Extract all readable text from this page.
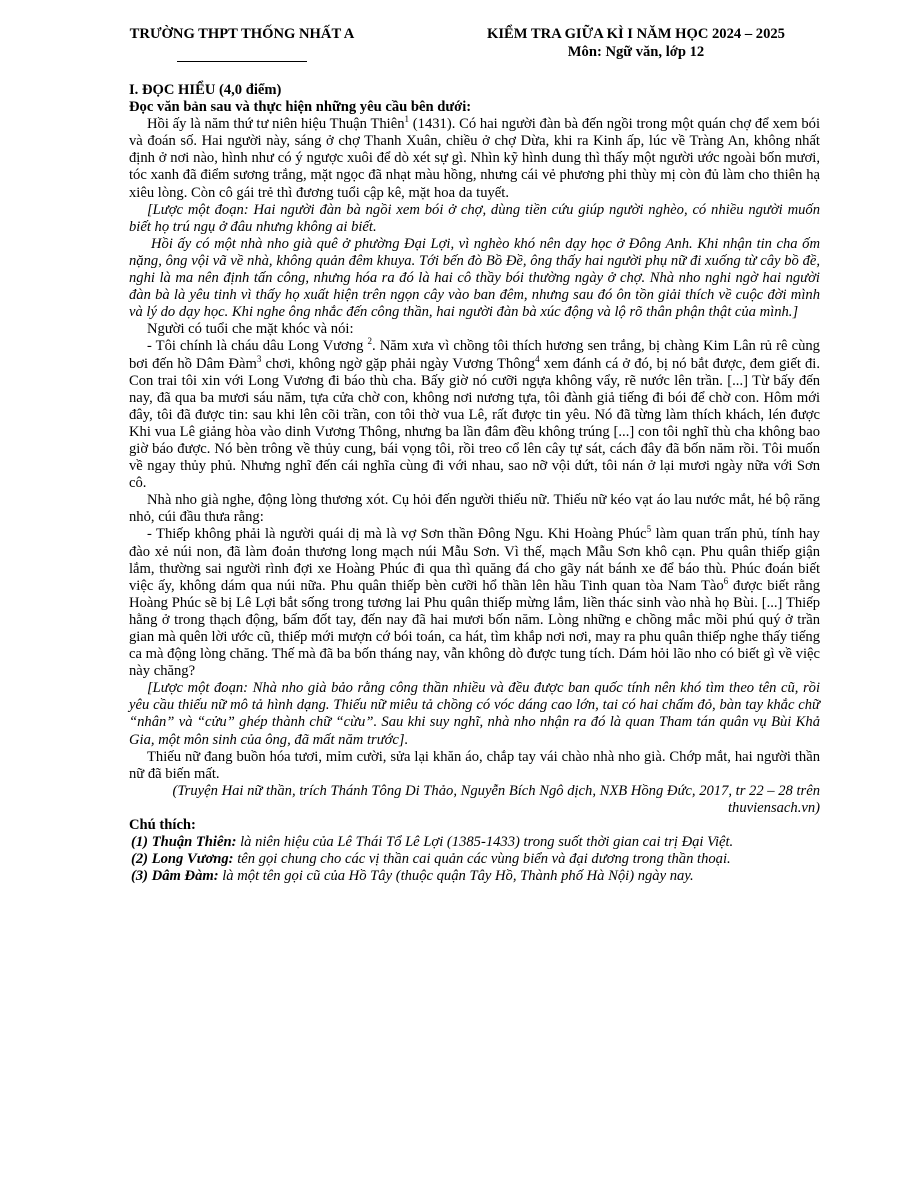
TRƯỜNG THPT THỐNG NHẤT A	KIỂM TRA GIỮA KÌ I NĂM HỌC 2024 – 2025
Môn: Ngữ văn, lớp 12

I. ĐỌC HIỂU (4,0 điểm)

Đọc văn bản sau và thực hiện những yêu cầu bên dưới:

Hồi ấy là năm thứ tư niên hiệu Thuận Thiên$^1$ (1431). Có hai người đàn bà đến ngồi trong một quán chợ để xem bói và đoán số. Hai người này, sáng ở chợ Thanh Xuân, chiều ở chợ Dừa, khi ra Kinh ấp, lúc về Tràng An, không nhất định ở nơi nào, hình như có ý ngược xuôi để dò xét sự gì. Nhìn kỹ hình dung thì thấy một người ước ngoài bốn mươi, tóc xanh đã điểm sương trắng, mặt ngọc đã nhạt màu hồng, nhưng cái vẻ phương phi thùy mị còn đủ làm cho thiên hạ xiêu lòng. Còn cô gái trẻ thì đương tuổi cập kê, mặt hoa da tuyết.

[Lược một đoạn: Hai người đàn bà ngồi xem bói ở chợ, dùng tiền cứu giúp người nghèo, có nhiều người muốn biết họ trú ngụ ở đâu nhưng không ai biết.

Hồi ấy có một nhà nho già quê ở phường Đại Lợi, vì nghèo khó nên dạy học ở Đông Anh. Khi nhận tin cha ốm nặng, ông vội vã về nhà, không quản đêm khuya. Tới bến đò Bồ Đề, ông thấy hai người phụ nữ đi xuống từ cây bồ đề, nghi là ma nên định tấn công, nhưng hóa ra đó là hai cô thầy bói thường ngày ở chợ. Nhà nho nghi ngờ hai người đàn bà là yêu tinh vì thấy họ xuất hiện trên ngọn cây vào ban đêm, nhưng sau đó ôn tồn giải thích về cuộc đời mình và lý do dạy học. Khi nghe ông nhắc đến công thần, hai người đàn bà xúc động và lộ rõ thân phận thật của mình.]

Người có tuổi che mặt khóc và nói:

- Tôi chính là cháu dâu Long Vương $^2$. Năm xưa vì chồng tôi thích hương sen trắng, bị chàng Kim Lân rủ rê cùng bơi đến hồ Dâm Đàm$^3$ chơi, không ngờ gặp phải ngày Vương Thông$^4$ xem đánh cá ở đó, bị nó bắt được, đem giết đi. Con trai tôi xin với Long Vương đi báo thù cha. Bấy giờ nó cưỡi ngựa không vẩy, rẽ nước lên trần. [...] Từ bấy đến nay, đã qua ba mươi sáu năm, tựa cửa chờ con, không nơi nương tựa, tôi đành giả tiếng đi bói để chờ con. Hôm mới đây, tôi đã được tin: sau khi lên cõi trần, con tôi thờ vua Lê, rất được tin yêu. Nó đã từng làm thích khách, lén được Khi vua Lê giảng hòa vào dinh Vương Thông, nhưng ba lần đâm đều không trúng [...] con tôi nghĩ thù cha không bao giờ báo được. Nó bèn trông về thủy cung, bái vọng tôi, rồi treo cổ lên cây tự sát, cách đây đã bốn năm rồi. Tôi muốn về ngay thủy phủ. Nhưng nghĩ đến cái nghĩa cùng đi với nhau, sao nỡ vội dứt, tôi nán ở lại mươi ngày nữa với Sơn cô.

Nhà nho già nghe, động lòng thương xót. Cụ hỏi đến người thiếu nữ. Thiếu nữ kéo vạt áo lau nước mắt, hé bộ răng nhỏ, cúi đầu thưa rằng:

- Thiếp không phải là người quái dị mà là vợ Sơn thần Đông Ngu. Khi Hoàng Phúc$^5$ làm quan trấn phủ, tính hay đào xẻ núi non, đã làm đoản thương long mạch núi Mẫu Sơn. Vì thế, mạch Mẫu Sơn khô cạn. Phu quân thiếp giận lắm, thường sai người rình đợi xe Hoàng Phúc đi qua thì quăng đá cho gãy nát bánh xe để báo thù. Phúc đoán biết việc ấy, không dám qua núi nữa. Phu quân thiếp bèn cưỡi hổ thần lên hầu Tinh quan tòa Nam Tào$^6$ được biết rằng Hoàng Phúc sẽ bị Lê Lợi bắt sống trong tương lai Phu quân thiếp mừng lắm, liền thác sinh vào nhà họ Bùi. [...] Thiếp hằng ở trong thạch động, bấm đốt tay, đến nay đã hai mươi bốn năm. Lòng những e chồng mắc mồi phú quý ở trần gian mà quên lời ước cũ, thiếp mới mượn cớ bói toán, ca hát, tìm khắp nơi nơi, may ra phu quân thiếp nghe thấy tiếng ca mà động lòng chăng. Thế mà đã ba bốn tháng nay, vẫn không dò được tung tích. Dám hỏi lão nho có biết gì về việc này chăng?

[Lược một đoạn: Nhà nho già bảo rằng công thần nhiều và đều được ban quốc tính nên khó tìm theo tên cũ, rồi yêu cầu thiếu nữ mô tả hình dạng. Thiếu nữ miêu tả chồng có vóc dáng cao lớn, tai có hai chấm đỏ, bàn tay khắc chữ “nhân” và “cửu” ghép thành chữ “cừu”. Sau khi suy nghĩ, nhà nho nhận ra đó là quan Tham tán quân vụ Bùi Khả Gia, một môn sinh của ông, đã mất năm trước].

Thiếu nữ đang buồn hóa tươi, mỉm cười, sửa lại khăn áo, chắp tay vái chào nhà nho già. Chớp mắt, hai người thần nữ đã biến mất.

(Truyện Hai nữ thần, trích Thánh Tông Di Thảo, Nguyễn Bích Ngô dịch, NXB Hồng Đức, 2017, tr 22 – 28 trên thuviensach.vn)

Chú thích:

(1) Thuận Thiên: là niên hiệu của Lê Thái Tổ Lê Lợi (1385-1433) trong suốt thời gian cai trị Đại Việt.

(2) Long Vương: tên gọi chung cho các vị thần cai quản các vùng biển và đại dương trong thần thoại.

(3) Dâm Đàm: là một tên gọi cũ của Hồ Tây (thuộc quận Tây Hồ, Thành phố Hà Nội) ngày nay.
